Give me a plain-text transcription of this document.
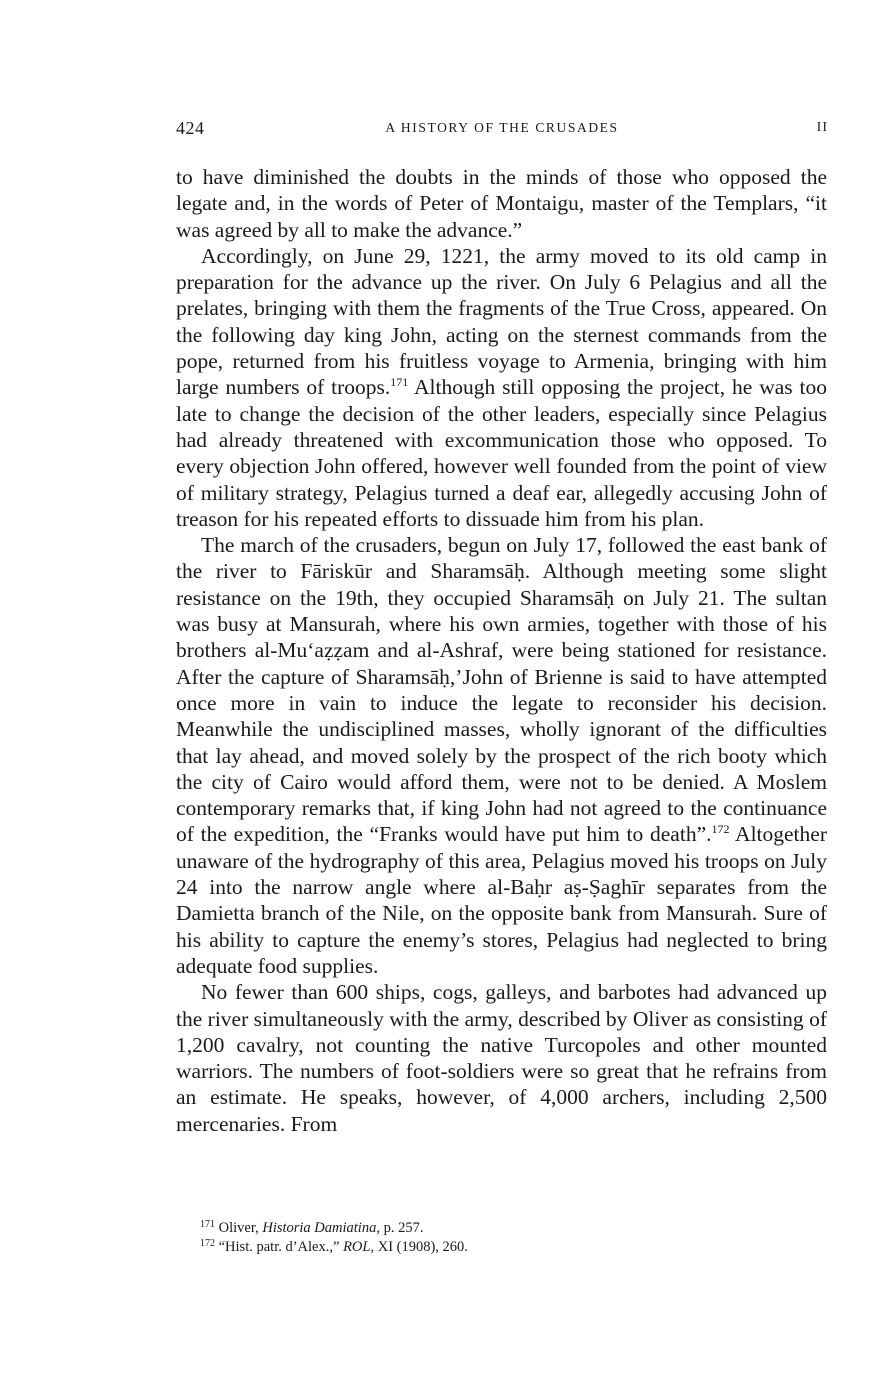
424	A HISTORY OF THE CRUSADES	II

to have diminished the doubts in the minds of those who opposed the legate and, in the words of Peter of Montaigu, master of the Templars, “it was agreed by all to make the advance.”

Accordingly, on June 29, 1221, the army moved to its old camp in preparation for the advance up the river. On July 6 Pelagius and all the prelates, bringing with them the fragments of the True Cross, appeared. On the following day king John, acting on the sternest commands from the pope, returned from his fruitless voyage to Armenia, bringing with him large numbers of troops.$^{171}$ Although still opposing the project, he was too late to change the decision of the other leaders, especially since Pelagius had already threatened with excommunication those who opposed. To every objection John offered, however well founded from the point of view of military strategy, Pelagius turned a deaf ear, allegedly accusing John of treason for his repeated efforts to dissuade him from his plan.

The march of the crusaders, begun on July 17, followed the east bank of the river to Fāriskūr and Sharamsāḥ. Although meeting some slight resistance on the 19th, they occupied Sharamsāḥ on July 21. The sultan was busy at Mansurah, where his own armies, together with those of his brothers al-Mu‘aẓẓam and al-Ashraf, were being stationed for resistance. After the capture of Sharamsāḥ,’John of Brienne is said to have attempted once more in vain to induce the legate to reconsider his decision. Meanwhile the undisciplined masses, wholly ignorant of the difficulties that lay ahead, and moved solely by the prospect of the rich booty which the city of Cairo would afford them, were not to be denied. A Moslem contemporary remarks that, if king John had not agreed to the continuance of the expedition, the “Franks would have put him to death”.$^{172}$ Altogether unaware of the hydrography of this area, Pelagius moved his troops on July 24 into the narrow angle where al-Baḥr aṣ-Ṣaghīr separates from the Damietta branch of the Nile, on the opposite bank from Mansurah. Sure of his ability to capture the enemy’s stores, Pelagius had neglected to bring adequate food supplies.

No fewer than 600 ships, cogs, galleys, and barbotes had advanced up the river simultaneously with the army, described by Oliver as consisting of 1,200 cavalry, not counting the native Turcopoles and other mounted warriors. The numbers of foot-soldiers were so great that he refrains from an estimate. He speaks, however, of 4,000 archers, including 2,500 mercenaries. From

$^{171}$ Oliver, Historia Damiatina, p. 257.

$^{172}$ “Hist. patr. d’Alex.,” ROL, XI (1908), 260.
